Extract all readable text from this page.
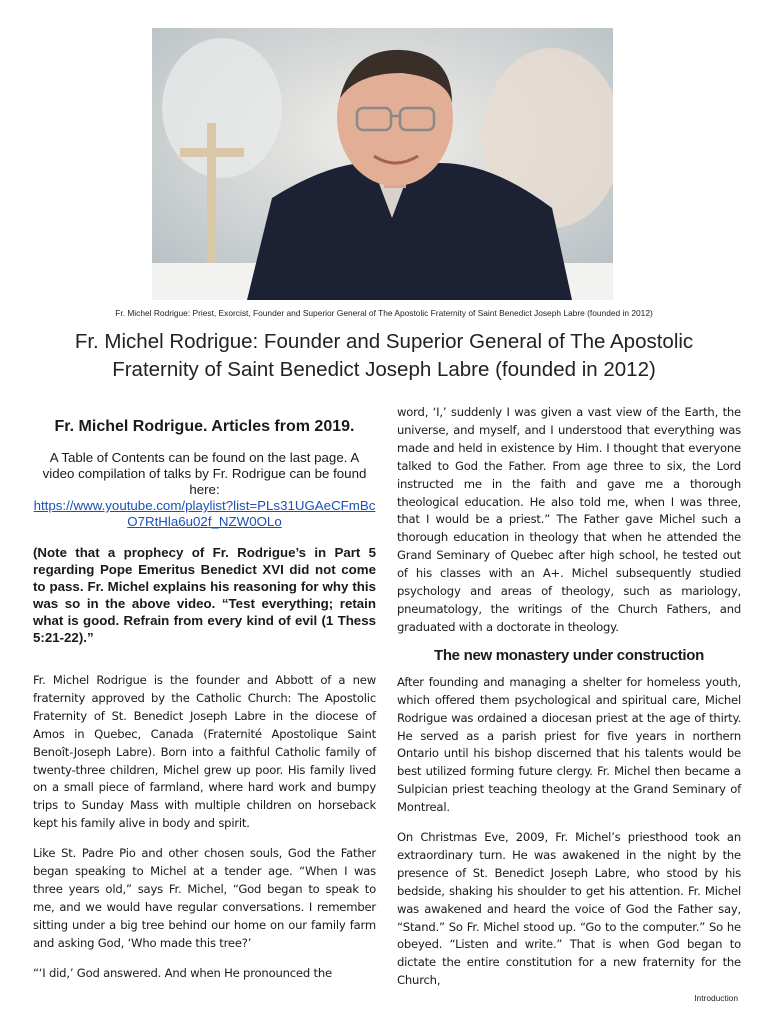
Fr. Michel Rodrigue: Priest, Exorcist, Founder and Superior General of The Apostolic Fraternity of Saint Benedict Joseph Labre (founded in 2012)
Fr. Michel Rodrigue: Founder and Superior General of The Apostolic
Fraternity of Saint Benedict Joseph Labre (founded in 2012)
Fr. Michel Rodrigue. Articles from 2019.

A Table of Contents can be found on the last page. A video compilation of talks by Fr. Rodrigue can be found here:
https://www.youtube.com/playlist?list=PLs31UGAeCFmBcO7RtHla6u02f_NZW0OLo

(Note that a prophecy of Fr. Rodrigue’s in Part 5 regarding Pope Emeritus Benedict XVI did not come to pass. Fr. Michel explains his reasoning for why this was so in the above video. “Test everything; retain what is good. Refrain from every kind of evil (1 Thess 5:21-22).”

Fr. Michel Rodrigue is the founder and Abbott of a new fraternity approved by the Catholic Church: The Apostolic Fraternity of St. Benedict Joseph Labre in the diocese of Amos in Quebec, Canada (Fraternité Apostolique Saint Benoît-Joseph Labre). Born into a faithful Catholic family of twenty-three children, Michel grew up poor. His family lived on a small piece of farmland, where hard work and bumpy trips to Sunday Mass with multiple children on horseback kept his family alive in body and spirit.

Like St. Padre Pio and other chosen souls, God the Father began speaking to Michel at a tender age. “When I was three years old,” says Fr. Michel, “God began to speak to me, and we would have regular conversations. I remember sitting under a big tree behind our home on our family farm and asking God, ‘Who made this tree?’

“‘I did,’ God answered. And when He pronounced the

word, ‘I,’ suddenly I was given a vast view of the Earth, the universe, and myself, and I understood that everything was made and held in existence by Him. I thought that everyone talked to God the Father. From age three to six, the Lord instructed me in the faith and gave me a thorough theological education. He also told me, when I was three, that I would be a priest.” The Father gave Michel such a thorough education in theology that when he attended the Grand Seminary of Quebec after high school, he tested out of his classes with an A+. Michel subsequently studied psychology and areas of theology, such as mariology, pneumatology, the writings of the Church Fathers, and graduated with a doctorate in theology.

The new monastery under construction

After founding and managing a shelter for homeless youth, which offered them psychological and spiritual care, Michel Rodrigue was ordained a diocesan priest at the age of thirty. He served as a parish priest for five years in northern Ontario until his bishop discerned that his talents would be best utilized forming future clergy. Fr. Michel then became a Sulpician priest teaching theology at the Grand Seminary of Montreal.

On Christmas Eve, 2009, Fr. Michel’s priesthood took an extraordinary turn. He was awakened in the night by the presence of St. Benedict Joseph Labre, who stood by his bedside, shaking his shoulder to get his attention. Fr. Michel was awakened and heard the voice of God the Father say, “Stand.” So Fr. Michel stood up. “Go to the computer.” So he obeyed. “Listen and write.” That is when God began to dictate the entire constitution for a new fraternity for the Church,

Introduction
